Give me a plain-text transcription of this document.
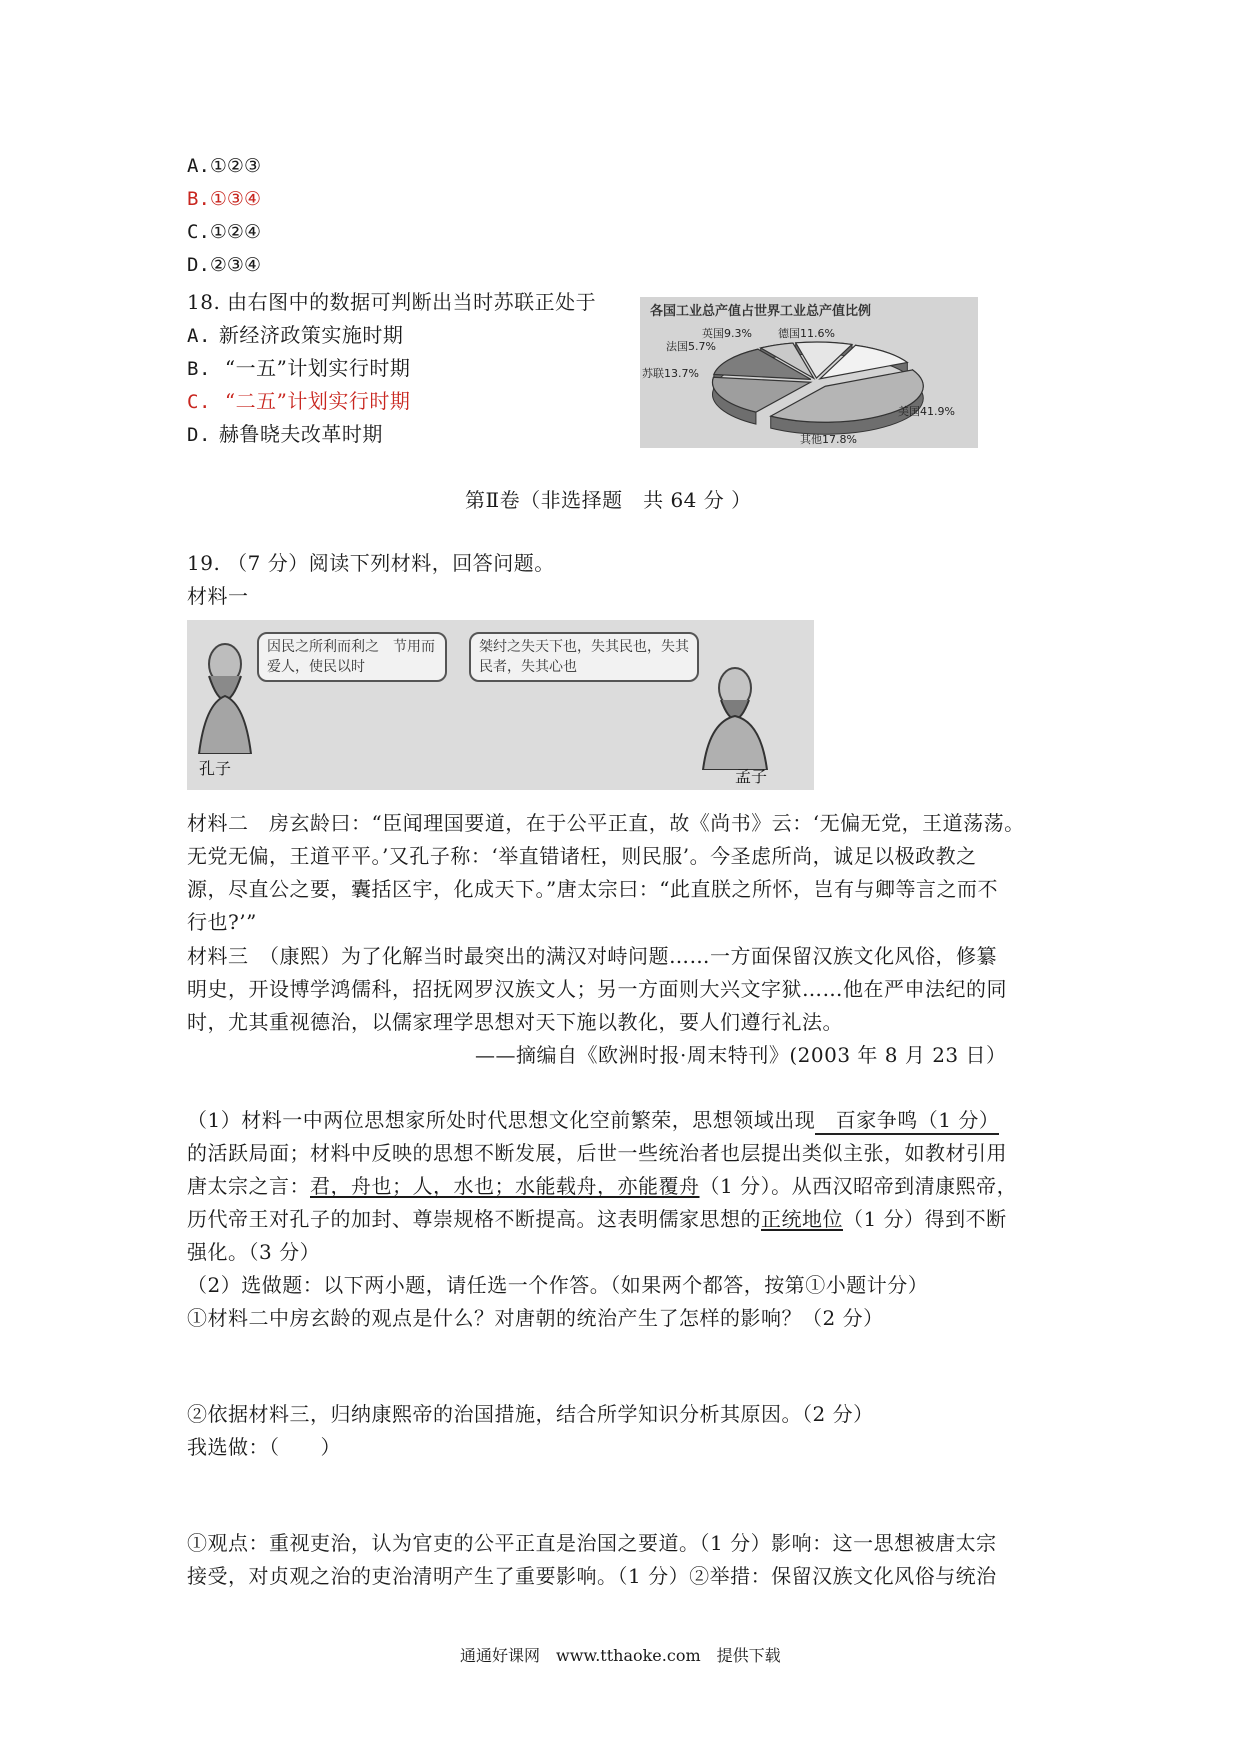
A.①②③
B.①③④
C.①②④
D.②③④
18. 由右图中的数据可判断出当时苏联正处于
A. 新经济政策实施时期
B. “一五”计划实行时期
C. “二五”计划实行时期
D. 赫鲁晓夫改革时期
各国工业总产值占世界工业总产值比例
美国41.9%
其他17.8%
苏联13.7%
法国5.7%
英国9.3% 德国11.6%
第Ⅱ卷（非选择题　共 64 分 ）
19. （7 分）阅读下列材料，回答问题。
材料一
因民之所利而利之　节用而爱人，使民以时
孔子
桀纣之失天下也，失其民也，失其民者，失其心也
孟子
材料二　房玄龄曰：“臣闻理国要道，在于公平正直，故《尚书》云：‘无偏无党，王道荡荡。
无党无偏，王道平平。’又孔子称：‘举直错诸枉，则民服’。今圣虑所尚，诚足以极政教之
源，尽直公之要，囊括区宇，化成天下。”唐太宗曰：“此直朕之所怀，岂有与卿等言之而不
行也?’”
材料三　（康熙）为了化解当时最突出的满汉对峙问题……一方面保留汉族文化风俗，修纂
明史，开设博学鸿儒科，招抚网罗汉族文人；另一方面则大兴文字狱……他在严申法纪的同
时，尤其重视德治，以儒家理学思想对天下施以教化，要人们遵行礼法。
——摘编自《欧洲时报·周末特刊》(2003 年 8 月 23 日）
（1）材料一中两位思想家所处时代思想文化空前繁荣，思想领域出现　百家争鸣（1 分）
的活跃局面；材料中反映的思想不断发展，后世一些统治者也层提出类似主张，如教材引用
唐太宗之言：君，舟也；人，水也；水能载舟，亦能覆舟（1 分）。从西汉昭帝到清康熙帝，
历代帝王对孔子的加封、尊崇规格不断提高。这表明儒家思想的正统地位（1 分）得到不断
强化。（3 分）
（2）选做题：以下两小题，请任选一个作答。（如果两个都答，按第①小题计分）
①材料二中房玄龄的观点是什么？对唐朝的统治产生了怎样的影响？（2 分）
②依据材料三，归纳康熙帝的治国措施，结合所学知识分析其原因。（2 分）
我选做：（　　）
①观点：重视吏治，认为官吏的公平正直是治国之要道。（1 分）影响：这一思想被唐太宗
接受，对贞观之治的吏治清明产生了重要影响。（1 分）②举措：保留汉族文化风俗与统治
通通好课网　www.tthaoke.com　提供下载
